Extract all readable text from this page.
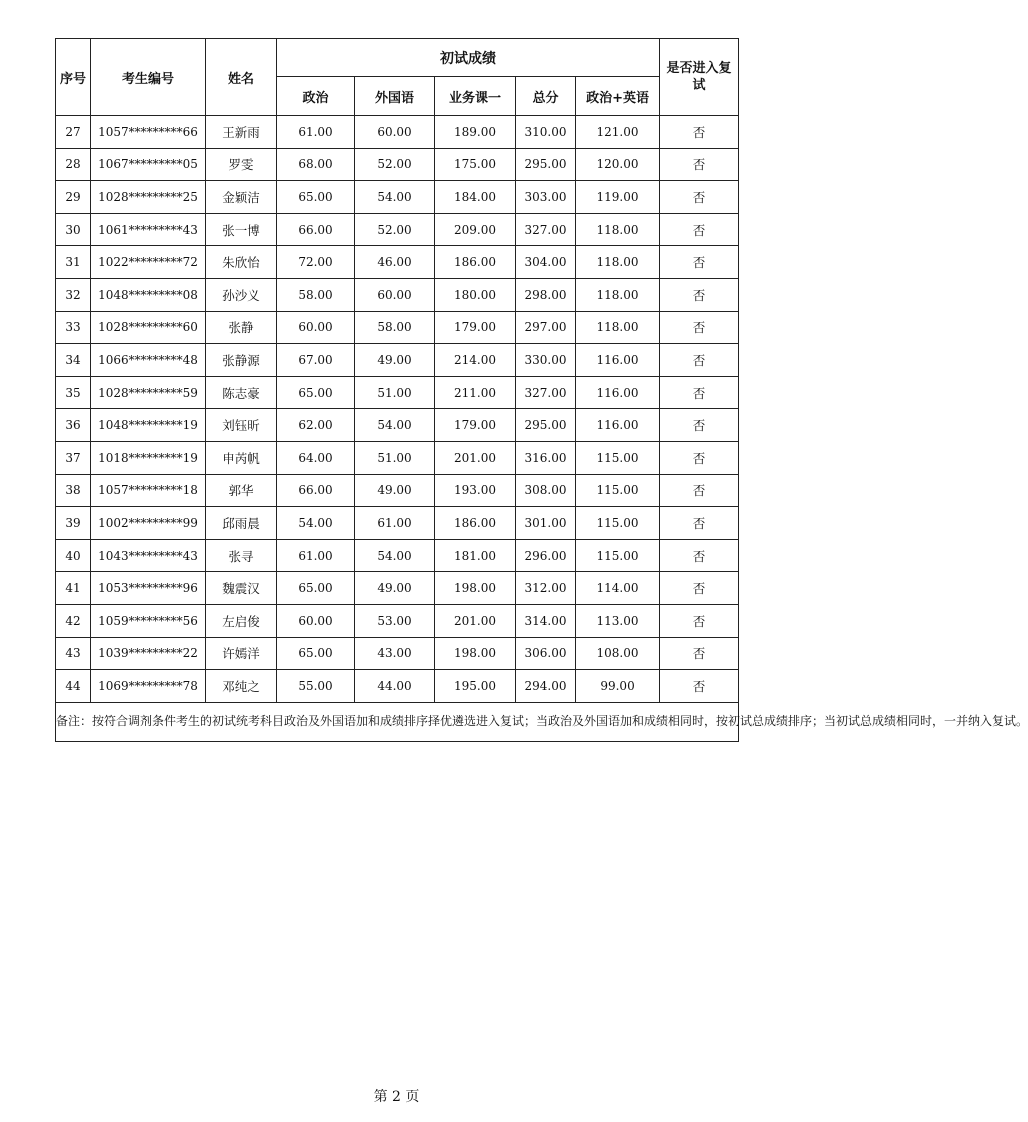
序号	考生编号	姓名	初试成绩					是否进入复试
			政治	外国语	业务课一	总分	政治+英语	
27	1057*********66	王新雨	61.00	60.00	189.00	310.00	121.00	否
28	1067*********05	罗雯	68.00	52.00	175.00	295.00	120.00	否
29	1028*********25	金颖洁	65.00	54.00	184.00	303.00	119.00	否
30	1061*********43	张一博	66.00	52.00	209.00	327.00	118.00	否
31	1022*********72	朱欣怡	72.00	46.00	186.00	304.00	118.00	否
32	1048*********08	孙沙义	58.00	60.00	180.00	298.00	118.00	否
33	1028*********60	张静	60.00	58.00	179.00	297.00	118.00	否
34	1066*********48	张静源	67.00	49.00	214.00	330.00	116.00	否
35	1028*********59	陈志豪	65.00	51.00	211.00	327.00	116.00	否
36	1048*********19	刘钰昕	62.00	54.00	179.00	295.00	116.00	否
37	1018*********19	申芮帆	64.00	51.00	201.00	316.00	115.00	否
38	1057*********18	郭华	66.00	49.00	193.00	308.00	115.00	否
39	1002*********99	邱雨晨	54.00	61.00	186.00	301.00	115.00	否
40	1043*********43	张寻	61.00	54.00	181.00	296.00	115.00	否
41	1053*********96	魏震汉	65.00	49.00	198.00	312.00	114.00	否
42	1059*********56	左启俊	60.00	53.00	201.00	314.00	113.00	否
43	1039*********22	许嫣洋	65.00	43.00	198.00	306.00	108.00	否
44	1069*********78	邓纯之	55.00	44.00	195.00	294.00	99.00	否
备注：按符合调剂条件考生的初试统考科目政治及外国语加和成绩排序择优遴选进入复试；当政治及外国语加和成绩相同时，按初试总成绩排序；当初试总成绩相同时，一并纳入复试。								
第 2 页
